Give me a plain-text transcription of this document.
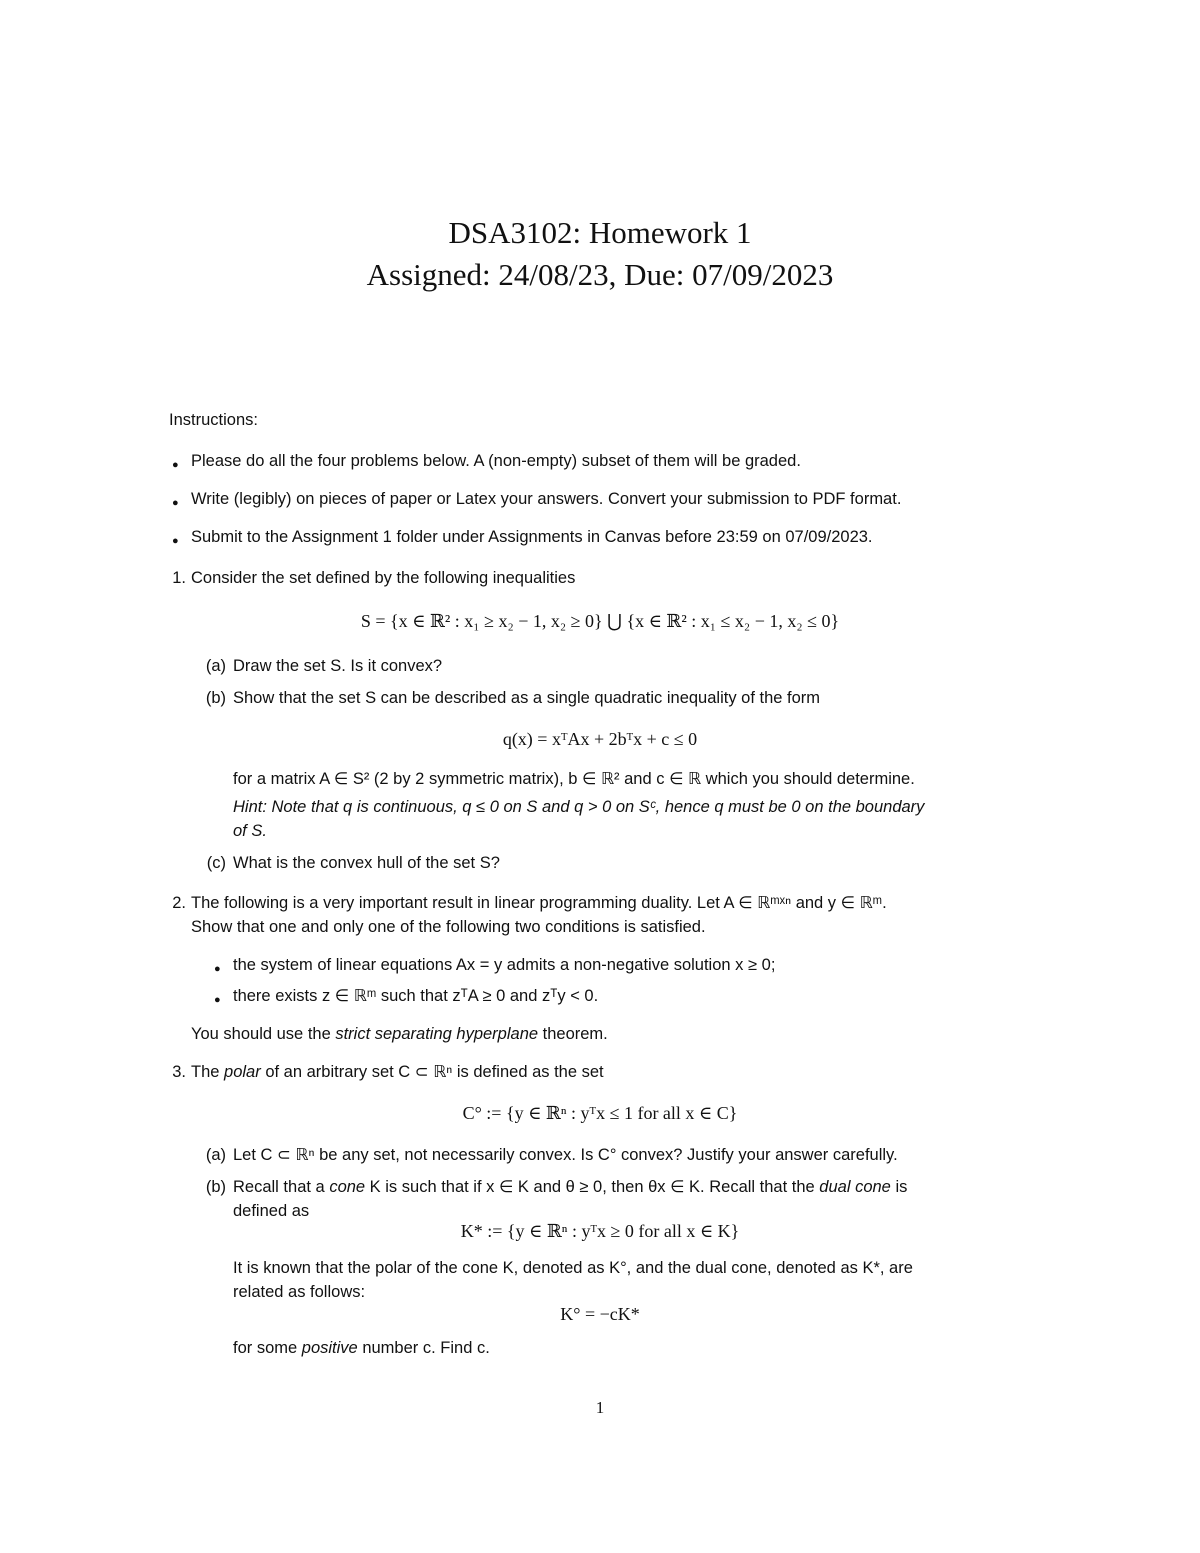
DSA3102: Homework 1
Assigned: 24/08/23, Due: 07/09/2023
Instructions:
● Please do all the four problems below. A (non-empty) subset of them will be graded.
● Write (legibly) on pieces of paper or Latex your answers. Convert your submission to PDF format.
● Submit to the Assignment 1 folder under Assignments in Canvas before 23:59 on 07/09/2023.
1. Consider the set defined by the following inequalities
S = {x ∈ ℝ² : x₁ ≥ x₂ − 1, x₂ ≥ 0} ⋃ {x ∈ ℝ² : x₁ ≤ x₂ − 1, x₂ ≤ 0}
(a) Draw the set S. Is it convex?
(b) Show that the set S can be described as a single quadratic inequality of the form
q(x) = xᵀAx + 2bᵀx + c ≤ 0
for a matrix A ∈ S² (2 by 2 symmetric matrix), b ∈ ℝ² and c ∈ ℝ which you should determine.
Hint: Note that q is continuous, q ≤ 0 on S and q > 0 on Sᶜ, hence q must be 0 on the boundary
of S.
(c) What is the convex hull of the set S?
2. The following is a very important result in linear programming duality. Let A ∈ ℝᵐˣⁿ and y ∈ ℝᵐ.
Show that one and only one of the following two conditions is satisfied.
● the system of linear equations Ax = y admits a non-negative solution x ≥ 0;
● there exists z ∈ ℝᵐ such that zᵀA ≥ 0 and zᵀy < 0.
You should use the strict separating hyperplane theorem.
3. The polar of an arbitrary set C ⊂ ℝⁿ is defined as the set
C° := {y ∈ ℝⁿ : yᵀx ≤ 1 for all x ∈ C}
(a) Let C ⊂ ℝⁿ be any set, not necessarily convex. Is C° convex? Justify your answer carefully.
(b) Recall that a cone K is such that if x ∈ K and θ ≥ 0, then θx ∈ K. Recall that the dual cone is
defined as
K* := {y ∈ ℝⁿ : yᵀx ≥ 0 for all x ∈ K}
It is known that the polar of the cone K, denoted as K°, and the dual cone, denoted as K*, are
related as follows:
K° = −cK*
for some positive number c. Find c.
1
